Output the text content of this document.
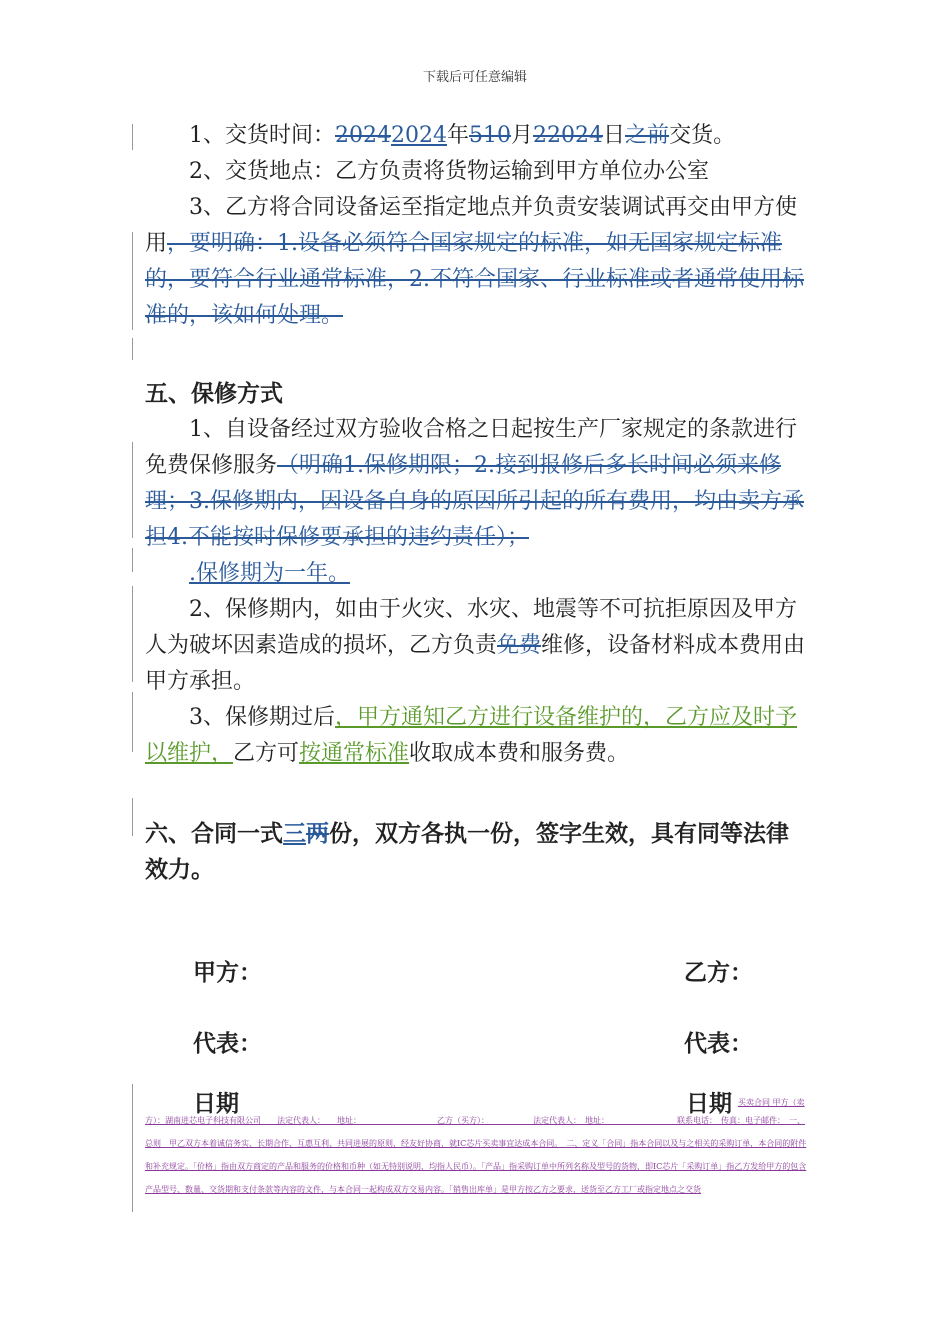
下载后可任意编辑

1、交货时间：20242024年510月22024日之前交货。

2、交货地点：乙方负责将货物运输到甲方单位办公室

3、乙方将合同设备运至指定地点并负责安装调试再交由甲方使用，要明确：1.设备必须符合国家规定的标准，如无国家规定标准的，要符合行业通常标准，2.不符合国家、行业标准或者通常使用标准的，该如何处理。

五、保修方式

1、自设备经过双方验收合格之日起按生产厂家规定的条款进行免费保修服务（明确1.保修期限；2.接到报修后多长时间必须来修理；3.保修期内，因设备自身的原因所引起的所有费用，均由卖方承担4.不能按时保修要承担的违约责任）；

.保修期为一年。

2、保修期内，如由于火灾、水灾、地震等不可抗拒原因及甲方人为破坏因素造成的损坏，乙方负责免费维修，设备材料成本费用由甲方承担。

3、保修期过后，甲方通知乙方进行设备维护的，乙方应及时予以维护，乙方可按通常标准收取成本费和服务费。

六、合同一式三两份，双方各执一份，签字生效，具有同等法律效力。

甲方：	乙方：
代表：	代表：
日期	日期 买卖合同 甲方（卖
方）：湖南进芯电子科技有限公司　　法定代表人：　　地址：　　　　　　　　　　乙方（买方）：　　　　　　法定代表人：　地址：　　　　　　　　　联系电话：　传真：电子邮件：　一、总则　甲乙双方本着诚信务实、长期合作、互惠互利、共同进展的原则，经友好协商，就IC芯片买卖事宜达成本合同。　二、定义「合同」指本合同以及与之相关的采购订单，本合同的附件和补充规定。「价格」指由双方商定的产品和服务的价格和币种（如无特别说明，均指人民币）。「产品」指采购订单中所列名称及型号的货物，即IC芯片「采购订单」指乙方发给甲方的包含产品型号、数量、交货期和支付条款等内容的文件，与本合同一起构成双方交易内容。「销售出库单」是甲方按乙方之要求，送货至乙方工厂或指定地点之交货
